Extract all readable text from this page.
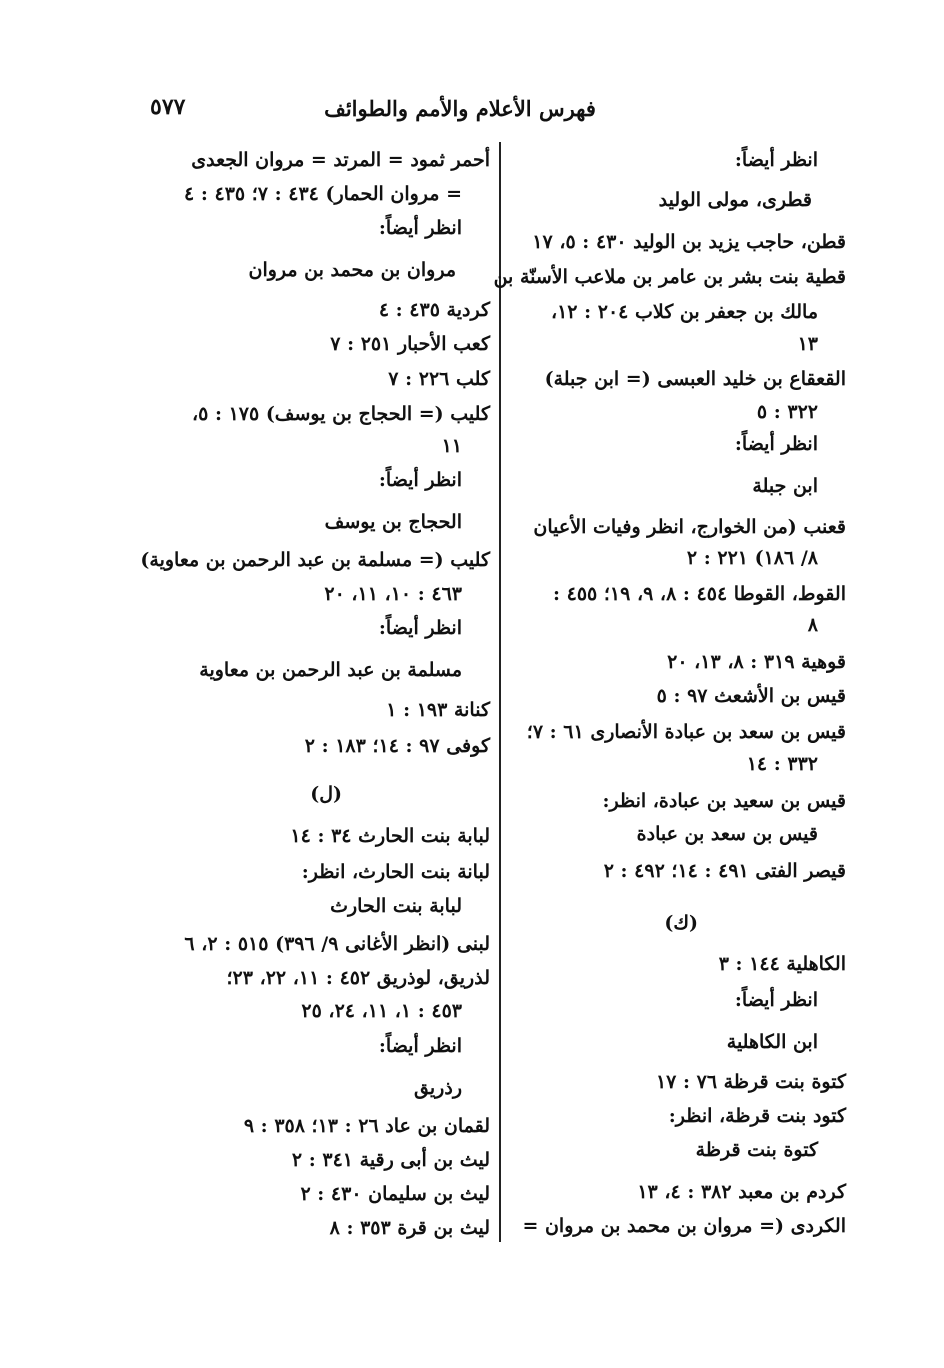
فهرس الأعلام والأمم والطوائف
٥٧٧
انظر أيضاً:
قطرى، مولى الوليد
قطن، حاجب يزيد بن الوليد ٤٣٠ : ٥، ١٧
قطية بنت بشر بن عامر بن ملاعب الأسنّة بن
مالك بن جعفر بن كلاب ٢٠٤ : ١٢،
١٣
القعقاع بن خليد العبسى (= ابن جبلة)
٣٢٢ : ٥
انظر أيضاً:
ابن جبلة
قعنب (من الخوارج، انظر وفيات الأعيان
٨/ ١٨٦) ٢٢١ : ٢
القوط، القوطا ٤٥٤ : ٨، ٩، ١٩؛ ٤٥٥ :
٨
قوهية ٣١٩ : ٨، ١٣، ٢٠
قيس بن الأشعث ٩٧ : ٥
قيس بن سعد بن عبادة الأنصارى ٦١ : ٧؛
٣٣٢ : ١٤
قيس بن سعيد بن عبادة، انظر:
قيس بن سعد بن عبادة
قيصر الفتى ٤٩١ : ١٤؛ ٤٩٢ : ٢
(ك)
الكاهلية ١٤٤ : ٣
انظر أيضاً:
ابن الكاهلية
كتوة بنت قرظة ٧٦ : ١٧
كتود بنت قرظة، انظر:
كتوة بنت قرظة
كردم بن معبد ٣٨٢ : ٤، ١٣
الكردى (= مروان بن محمد بن مروان =
أحمر ثمود = المرتد = مروان الجعدى
= مروان الحمار) ٤٣٤ : ٧؛ ٤٣٥ : ٤
انظر أيضاً:
مروان بن محمد بن مروان
كردية ٤٣٥ : ٤
كعب الأحبار ٢٥١ : ٧
كلب ٢٢٦ : ٧
كليب (= الحجاج بن يوسف) ١٧٥ : ٥،
١١
انظر أيضاً:
الحجاج بن يوسف
كليب (= مسلمة بن عبد الرحمن بن معاوية)
٤٦٣ : ١٠، ١١، ٢٠
انظر أيضاً:
مسلمة بن عبد الرحمن بن معاوية
كنانة ١٩٣ : ١
كوفى ٩٧ : ١٤؛ ١٨٣ : ٢
(ل)
لبابة بنت الحارث ٣٤ : ١٤
لبانة بنت الحارث، انظر:
لبابة بنت الحارث
لبنى (انظر الأغانى ٩/ ٣٩٦) ٥١٥ : ٢، ٦
لذريق، لوذريق ٤٥٢ : ١١، ٢٢، ٢٣؛
٤٥٣ : ١، ١١، ٢٤، ٢٥
انظر أيضاً:
رذريق
لقمان بن عاد ٢٦ : ١٣؛ ٣٥٨ : ٩
ليث بن أبى رقية ٣٤١ : ٢
ليث بن سليمان ٤٣٠ : ٢
ليث بن قرة ٣٥٣ : ٨
